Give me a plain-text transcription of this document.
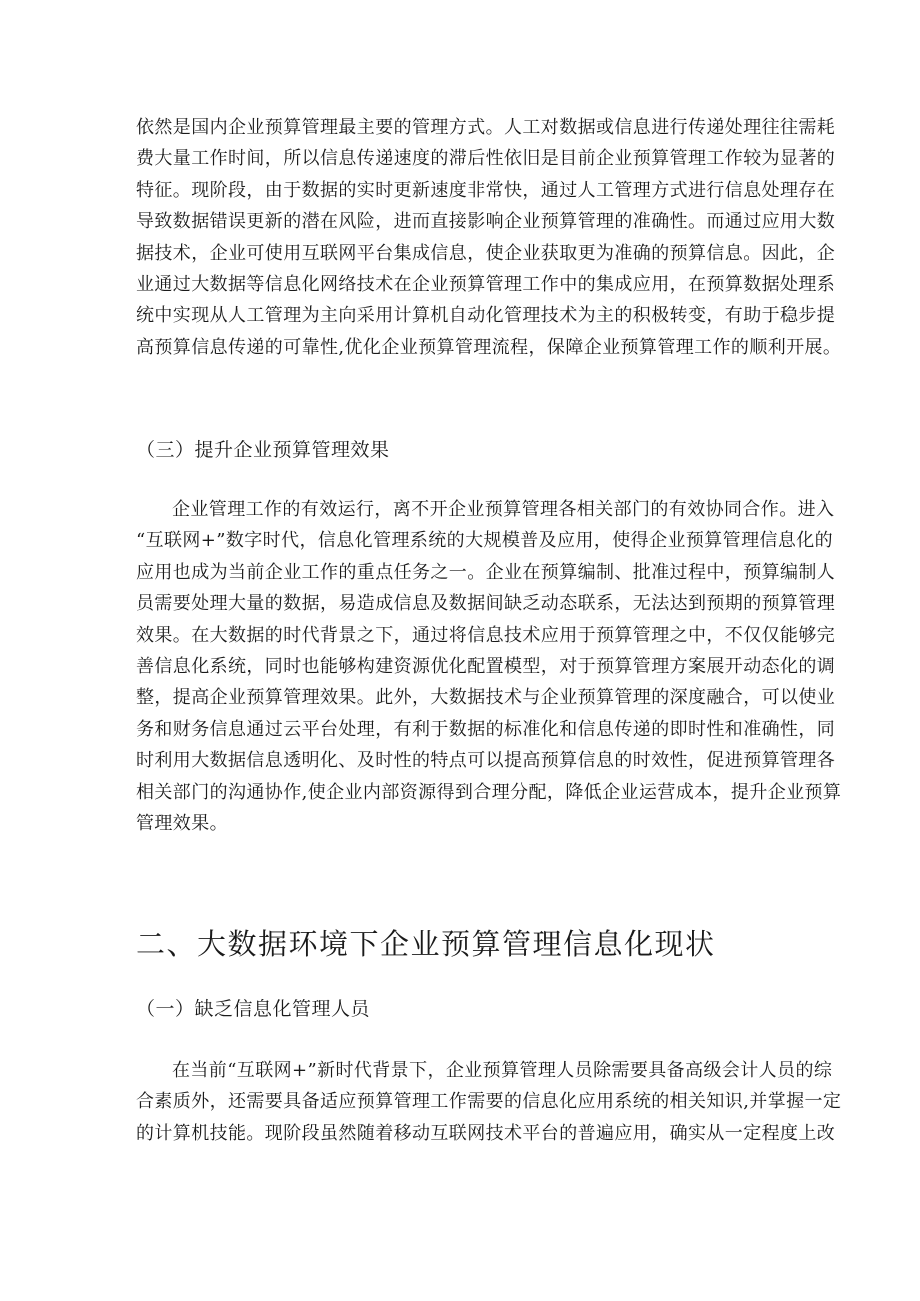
依然是国内企业预算管理最主要的管理方式。人工对数据或信息进行传递处理往往需耗
费大量工作时间，所以信息传递速度的滞后性依旧是目前企业预算管理工作较为显著的
特征。现阶段，由于数据的实时更新速度非常快，通过人工管理方式进行信息处理存在
导致数据错误更新的潜在风险，进而直接影响企业预算管理的准确性。而通过应用大数
据技术，企业可使用互联网平台集成信息，使企业获取更为准确的预算信息。因此，企
业通过大数据等信息化网络技术在企业预算管理工作中的集成应用，在预算数据处理系
统中实现从人工管理为主向采用计算机自动化管理技术为主的积极转变，有助于稳步提
高预算信息传递的可靠性,优化企业预算管理流程，保障企业预算管理工作的顺利开展。
（三）提升企业预算管理效果
企业管理工作的有效运行，离不开企业预算管理各相关部门的有效协同合作。进入
“互联网+”数字时代，信息化管理系统的大规模普及应用，使得企业预算管理信息化的
应用也成为当前企业工作的重点任务之一。企业在预算编制、批准过程中，预算编制人
员需要处理大量的数据，易造成信息及数据间缺乏动态联系，无法达到预期的预算管理
效果。在大数据的时代背景之下，通过将信息技术应用于预算管理之中，不仅仅能够完
善信息化系统，同时也能够构建资源优化配置模型，对于预算管理方案展开动态化的调
整，提高企业预算管理效果。此外，大数据技术与企业预算管理的深度融合，可以使业
务和财务信息通过云平台处理，有利于数据的标准化和信息传递的即时性和准确性，同
时利用大数据信息透明化、及时性的特点可以提高预算信息的时效性，促进预算管理各
相关部门的沟通协作,使企业内部资源得到合理分配，降低企业运营成本，提升企业预算
管理效果。
二、大数据环境下企业预算管理信息化现状
（一）缺乏信息化管理人员
在当前“互联网+”新时代背景下，企业预算管理人员除需要具备高级会计人员的综
合素质外，还需要具备适应预算管理工作需要的信息化应用系统的相关知识,并掌握一定
的计算机技能。现阶段虽然随着移动互联网技术平台的普遍应用，确实从一定程度上改
